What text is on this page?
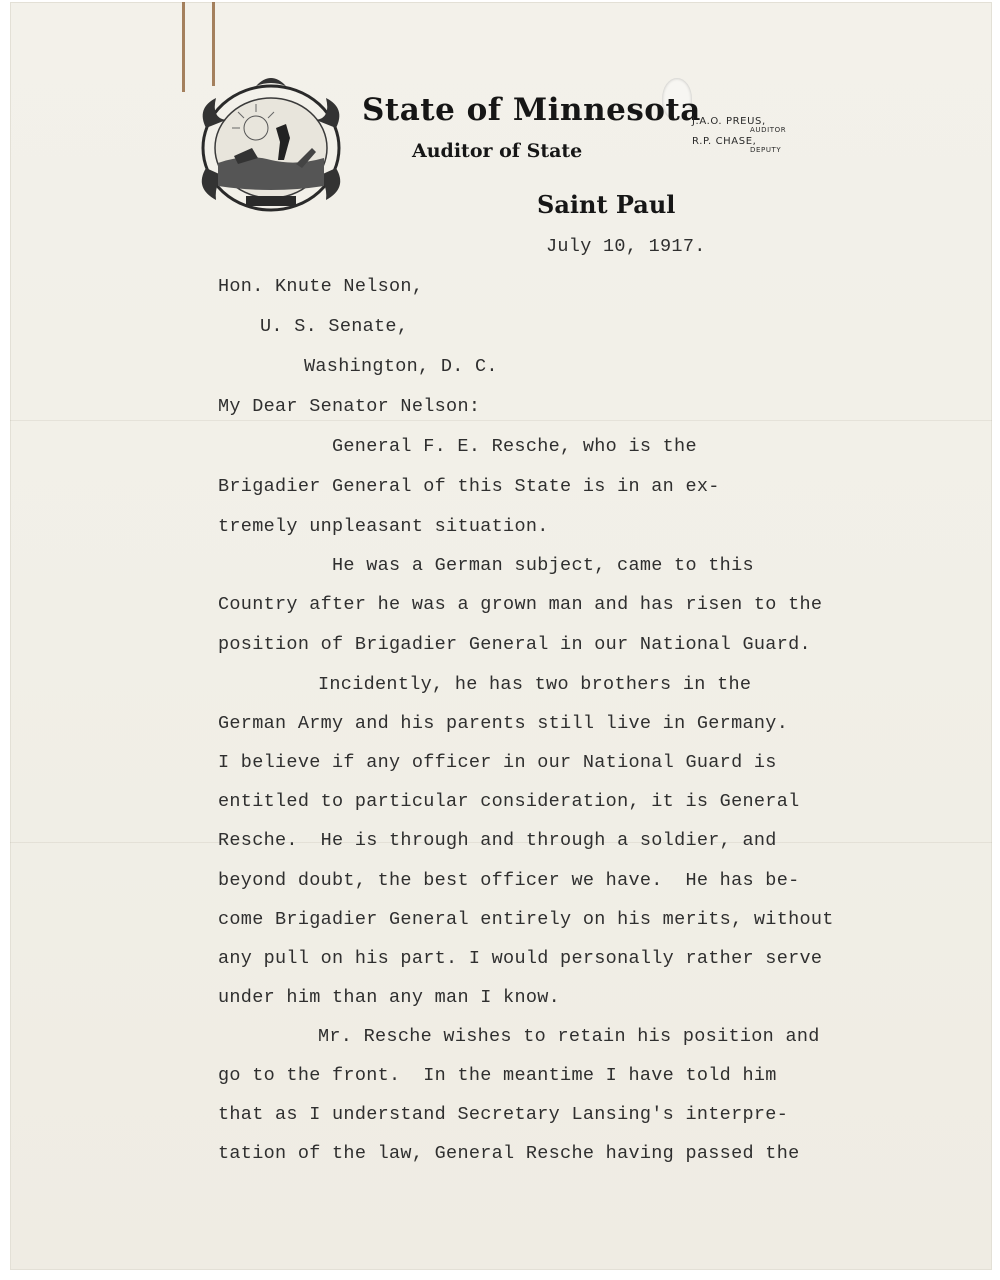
State of Minnesota
Auditor of State
Saint Paul
J.A.O. PREUS,
AUDITOR
R.P. CHASE,
DEPUTY
July 10, 1917.
Hon. Knute Nelson,
U. S. Senate,
Washington, D. C.
My Dear Senator Nelson:
General F. E. Resche, who is the
Brigadier General of this State is in an ex-
tremely unpleasant situation.
He was a German subject, came to this
Country after he was a grown man and has risen to the
position of Brigadier General in our National Guard.
Incidently, he has two brothers in the
German Army and his parents still live in Germany.
I believe if any officer in our National Guard is
entitled to particular consideration, it is General
Resche.  He is through and through a soldier, and
beyond doubt, the best officer we have.  He has be-
come Brigadier General entirely on his merits, without
any pull on his part. I would personally rather serve
under him than any man I know.
Mr. Resche wishes to retain his position and
go to the front.  In the meantime I have told him
that as I understand Secretary Lansing's interpre-
tation of the law, General Resche having passed the
